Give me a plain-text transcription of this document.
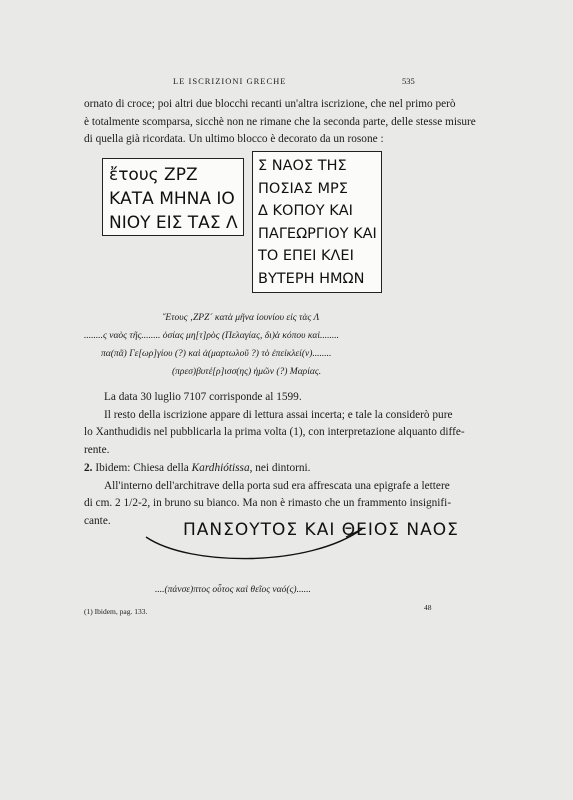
LE ISCRIZIONI GRECHE	535
ornato di croce; poi altri due blocchi recanti un'altra iscrizione, che nel primo però
è totalmente scomparsa, sicchè non ne rimane che la seconda parte, delle stesse misure
di quella già ricordata. Un ultimo blocco è decorato da un rosone :
ἔτους ΖΡΖ
ΚΑΤΑ ΜΗΝΑ ΙΟ
ΝΙΟΥ ΕΙΣ ΤΑΣ Λ
Σ ΝΑΟΣ ΤΗΣ
ΠΟΣΙΑΣ ΜΡΣ
Δ ΚΟΠΟΥ ΚΑΙ
ΠΑΓΕΩΡΓΙΟΥ ΚΑΙ
ΤΟ ΕΠΕΙ ΚΛΕΙ
ΒΥΤΕΡΗ ΗΜΩΝ
Ἔτους ‚ΖΡΖ´ κατὰ μῆνα ἰουνίου εἰς τὰς Λ
........ς ναὸς τῆς........ ὁσίας μη[τ]ρὸς (Πελαγίας, δι)ὰ κόπου καὶ........
πα(πᾶ) Γε[ωρ]γίου (?) καὶ ἀ(μαρτωλοῦ ?) τὸ ἐπεἰκλεί(ν)........
(πρεσ)βυτέ[ρ]ισσ(ης) ἡμῶν (?) Μαρίας.
La data 30 luglio 7107 corrisponde al 1599.
Il resto della iscrizione appare di lettura assai incerta; e tale la considerò pure
lo Xanthudidis nel pubblicarla la prima volta (1), con interpretazione alquanto diffe-
rente.
2. Ibidem: Chiesa della Kardhiótissa, nei dintorni.
All'interno dell'architrave della porta sud era affrescata una epigrafe a lettere
di cm. 2 1/2-2, in bruno su bianco. Ma non è rimasto che un frammento insignifi-
cante.	ΠΑΝΣΟΥΤΟΣ ΚΑΙ ΘΕΙΟΣ ΝΑΟΣ
....(πάνσε)πτος οὗτος καὶ θεῖος ναό(ς)......
(1) Ibidem, pag. 133.	48
